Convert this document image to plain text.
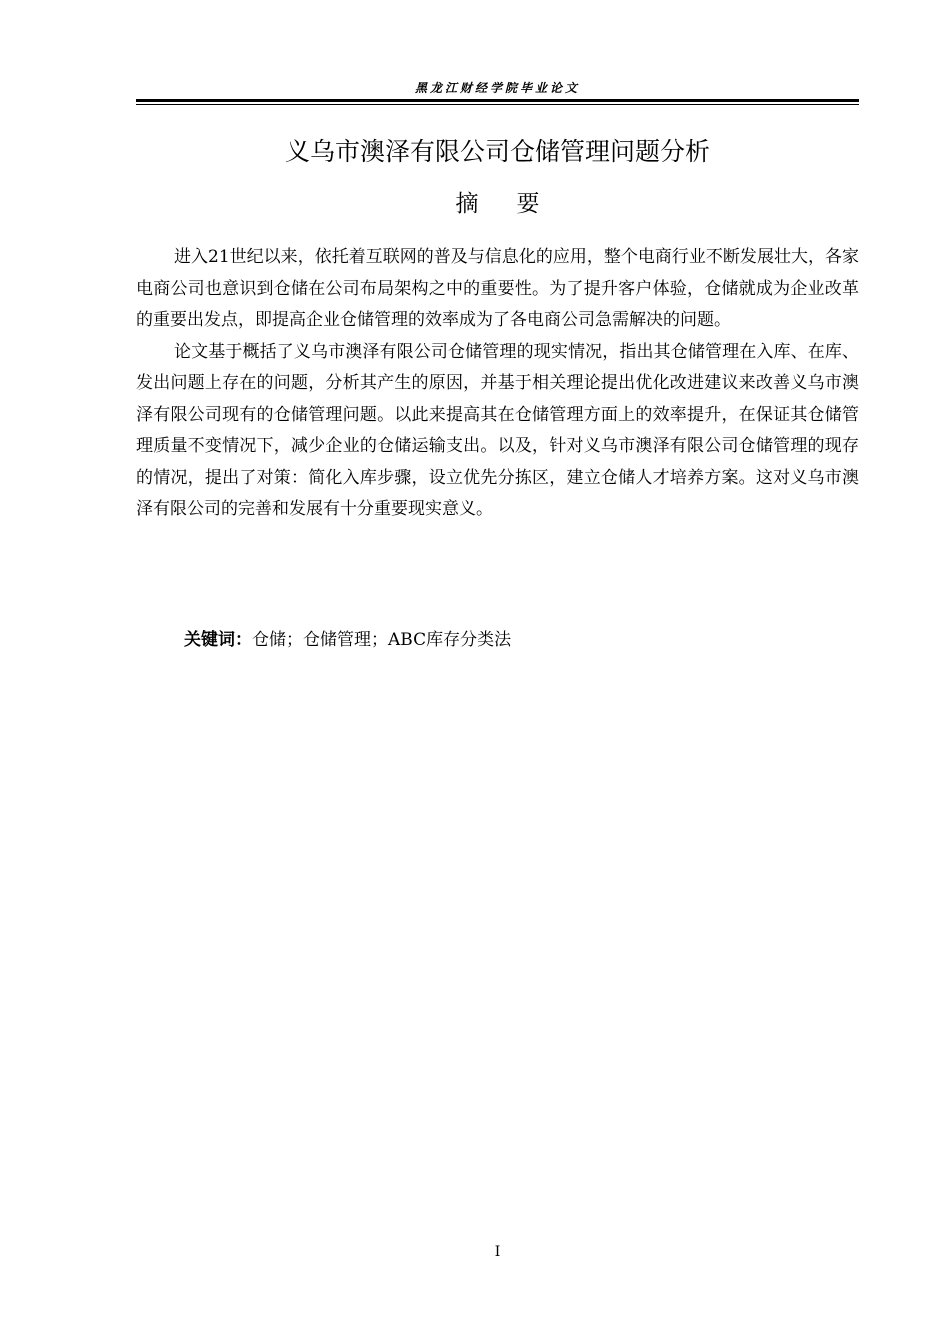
黑龙江财经学院毕业论文
义乌市澳泽有限公司仓储管理问题分析
摘要

进入21世纪以来，依托着互联网的普及与信息化的应用，整个电商行业不断发展壮大，各家电商公司也意识到仓储在公司布局架构之中的重要性。为了提升客户体验，仓储就成为企业改革的重要出发点，即提高企业仓储管理的效率成为了各电商公司急需解决的问题。

论文基于概括了义乌市澳泽有限公司仓储管理的现实情况，指出其仓储管理在入库、在库、发出问题上存在的问题，分析其产生的原因，并基于相关理论提出优化改进建议来改善义乌市澳泽有限公司现有的仓储管理问题。以此来提高其在仓储管理方面上的效率提升，在保证其仓储管理质量不变情况下，减少企业的仓储运输支出。以及，针对义乌市澳泽有限公司仓储管理的现存的情况，提出了对策：简化入库步骤，设立优先分拣区，建立仓储人才培养方案。这对义乌市澳泽有限公司的完善和发展有十分重要现实意义。

关键词：仓储；仓储管理；ABC库存分类法
I
